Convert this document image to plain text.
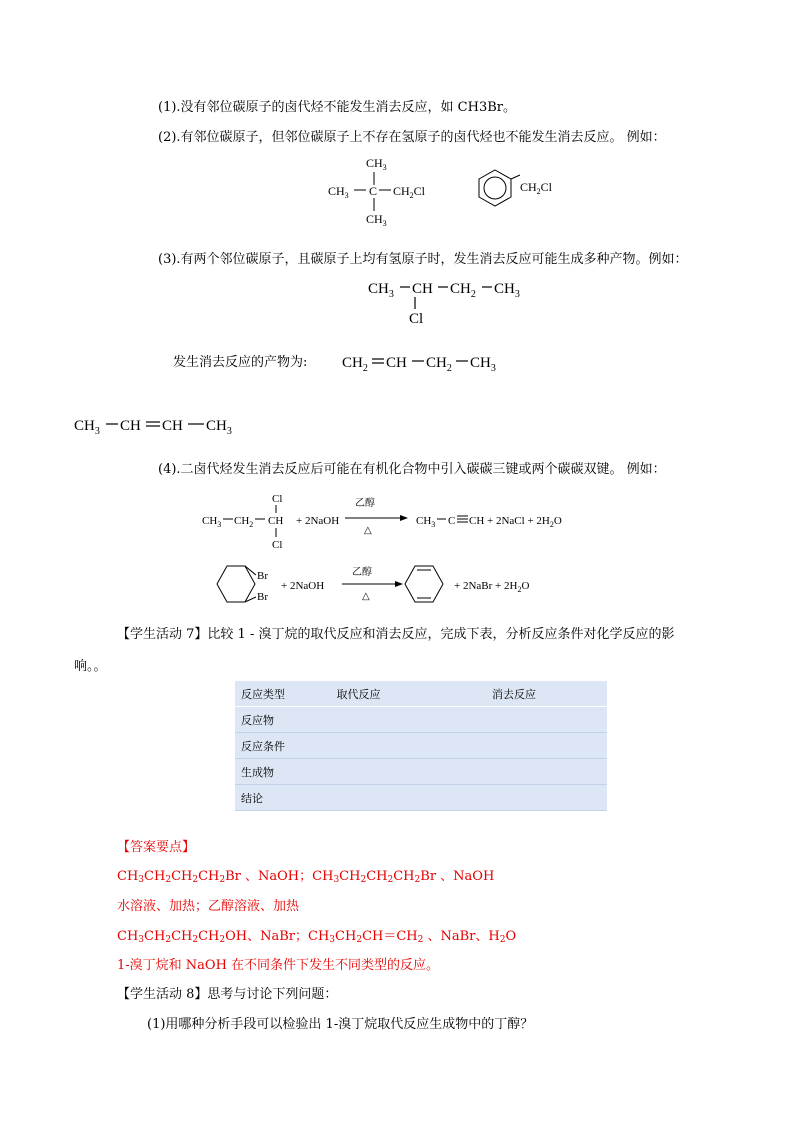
(1).没有邻位碳原子的卤代烃不能发生消去反应，如 CH3Br。
(2).有邻位碳原子，但邻位碳原子上不存在氢原子的卤代烃也不能发生消去反应。 例如：
$CH_3$
$CH_3$ C $CH_2Cl$
$CH_3$
$CH_2Cl$
(3).有两个邻位碳原子，且碳原子上均有氢原子时，发生消去反应可能生成多种产物。例如：
$CH_3$ CH $CH_2$ $CH_3$
Cl
发生消去反应的产物为: $CH_2$ CH $CH_2$ $CH_3$
$CH_3$ CH CH $CH_3$
(4).二卤代烃发生消去反应后可能在有机化合物中引入碳碳三键或两个碳碳双键。 例如：
Cl
$CH_3$ $CH_2$ CH
Cl
+ 2NaOH
乙醇
△
$CH_3$ C CH + 2NaCl + $2H_2O$
Br
Br
+ 2NaOH
乙醇
△
+ 2NaBr + $2H_2O$
【学生活动 7】比较 1 - 溴丁烷的取代反应和消去反应，完成下表，分析反应条件对化学反应的影
响。。
反应类型	取代反应	消去反应
反应物		
反应条件		
生成物		
结论		
【答案要点】
$CH_3CH_2CH_2CH_2Br$ 、NaOH；$CH_3CH_2CH_2CH_2Br$ 、NaOH
水溶液、加热；乙醇溶液、加热
$CH_3CH_2CH_2CH_2OH$、NaBr；$CH_3CH_2CH=CH_2$ 、NaBr、$H_2O$
1-溴丁烷和 NaOH 在不同条件下发生不同类型的反应。
【学生活动 8】思考与讨论下列问题：
(1)用哪种分析手段可以检验出 1-溴丁烷取代反应生成物中的丁醇？
